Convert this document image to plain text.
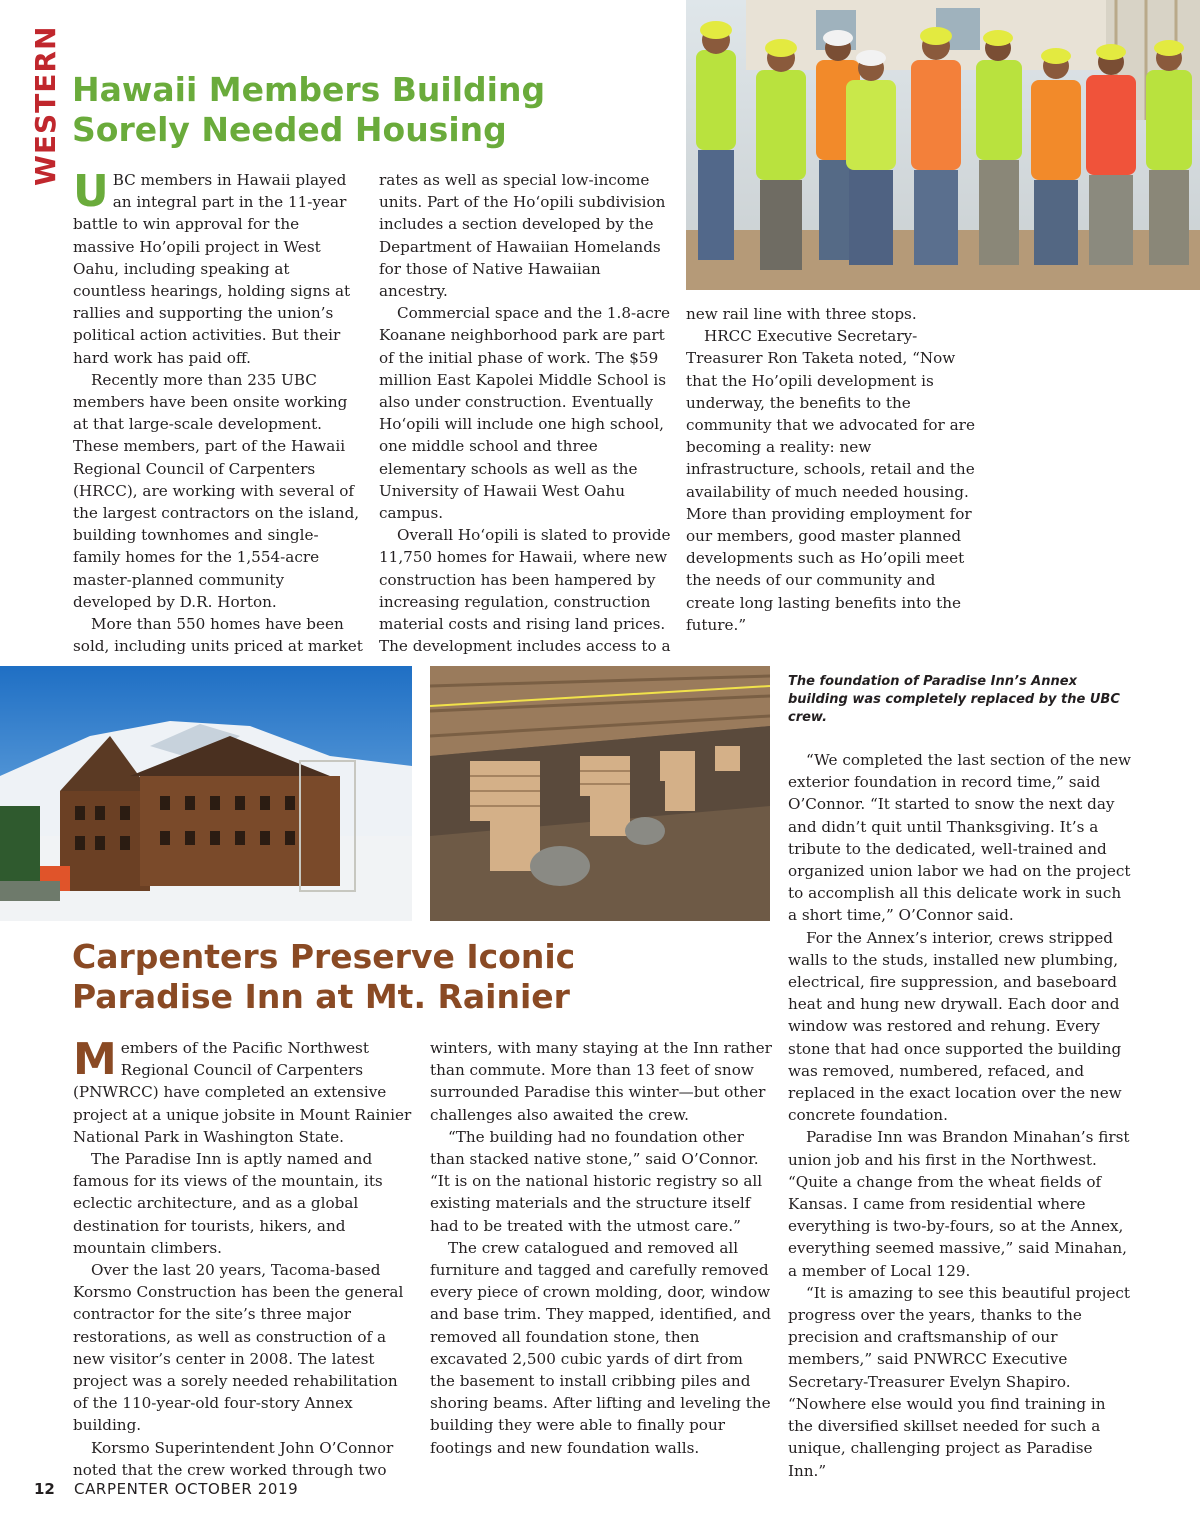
WESTERN Hawaii Members Building
Sorely Needed Housing

UBC members in Hawaii played an integral part in the 11-year battle to win approval for the massive Ho’opili project in West Oahu, including speaking at countless hearings, holding signs at rallies and supporting the union’s political action activities. But their hard work has paid off.

Recently more than 235 UBC members have been onsite working at that large-scale development. These members, part of the Hawaii Regional Council of Carpenters (HRCC), are working with several of the largest contractors on the island, building townhomes and single-family homes for the 1,554-acre master-planned community developed by D.R. Horton.

More than 550 homes have been sold, including units priced at market

rates as well as special low-income units. Part of the Hoʻopili subdivision includes a section developed by the Department of Hawaiian Homelands for those of Native Hawaiian ancestry.

Commercial space and the 1.8-acre Koanane neighborhood park are part of the initial phase of work. The $59 million East Kapolei Middle School is also under construction. Eventually Hoʻopili will include one high school, one middle school and three elementary schools as well as the University of Hawaii West Oahu campus.

Overall Hoʻopili is slated to provide 11,750 homes for Hawaii, where new construction has been hampered by increasing regulation, construction material costs and rising land prices. The development includes access to a

new rail line with three stops.

HRCC Executive Secretary-Treasurer Ron Taketa noted, “Now that the Ho’opili development is underway, the benefits to the community that we advocated for are becoming a reality: new infrastructure, schools, retail and the availability of much needed housing. More than providing employment for our members, good master planned developments such as Ho’opili meet the needs of our community and create long lasting benefits into the future.”

The foundation of Paradise Inn’s Annex building was completely replaced by the UBC crew.
Carpenters Preserve Iconic
Paradise Inn at Mt. Rainier

Members of the Pacific Northwest Regional Council of Carpenters (PNWRCC) have completed an extensive project at a unique jobsite in Mount Rainier National Park in Washington State.

The Paradise Inn is aptly named and famous for its views of the mountain, its eclectic architecture, and as a global destination for tourists, hikers, and mountain climbers.

Over the last 20 years, Tacoma-based Korsmo Construction has been the general contractor for the site’s three major restorations, as well as construction of a new visitor’s center in 2008. The latest project was a sorely needed rehabilitation of the 110-year-old four-story Annex building.

Korsmo Superintendent John O’Connor noted that the crew worked through two

winters, with many staying at the Inn rather than commute. More than 13 feet of snow surrounded Paradise this winter—but other challenges also awaited the crew.

“The building had no foundation other than stacked native stone,” said O’Connor. “It is on the national historic registry so all existing materials and the structure itself had to be treated with the utmost care.”

The crew catalogued and removed all furniture and tagged and carefully removed every piece of crown molding, door, window and base trim. They mapped, identified, and removed all foundation stone, then excavated 2,500 cubic yards of dirt from the basement to install cribbing piles and shoring beams. After lifting and leveling the building they were able to finally pour footings and new foundation walls.

“We completed the last section of the new exterior foundation in record time,” said O’Connor. “It started to snow the next day and didn’t quit until Thanksgiving. It’s a tribute to the dedicated, well-trained and organized union labor we had on the project to accomplish all this delicate work in such a short time,” O’Connor said.

For the Annex’s interior, crews stripped walls to the studs, installed new plumbing, electrical, fire suppression, and baseboard heat and hung new drywall. Each door and window was restored and rehung. Every stone that had once supported the building was removed, numbered, refaced, and replaced in the exact location over the new concrete foundation.

Paradise Inn was Brandon Minahan’s first union job and his first in the Northwest. “Quite a change from the wheat fields of Kansas. I came from residential where everything is two-by-fours, so at the Annex, everything seemed massive,” said Minahan, a member of Local 129.

“It is amazing to see this beautiful project progress over the years, thanks to the precision and craftsmanship of our members,” said PNWRCC Executive Secretary-Treasurer Evelyn Shapiro. “Nowhere else would you find training in the diversified skillset needed for such a unique, challenging project as Paradise Inn.”

12 CARPENTER OCTOBER 2019
